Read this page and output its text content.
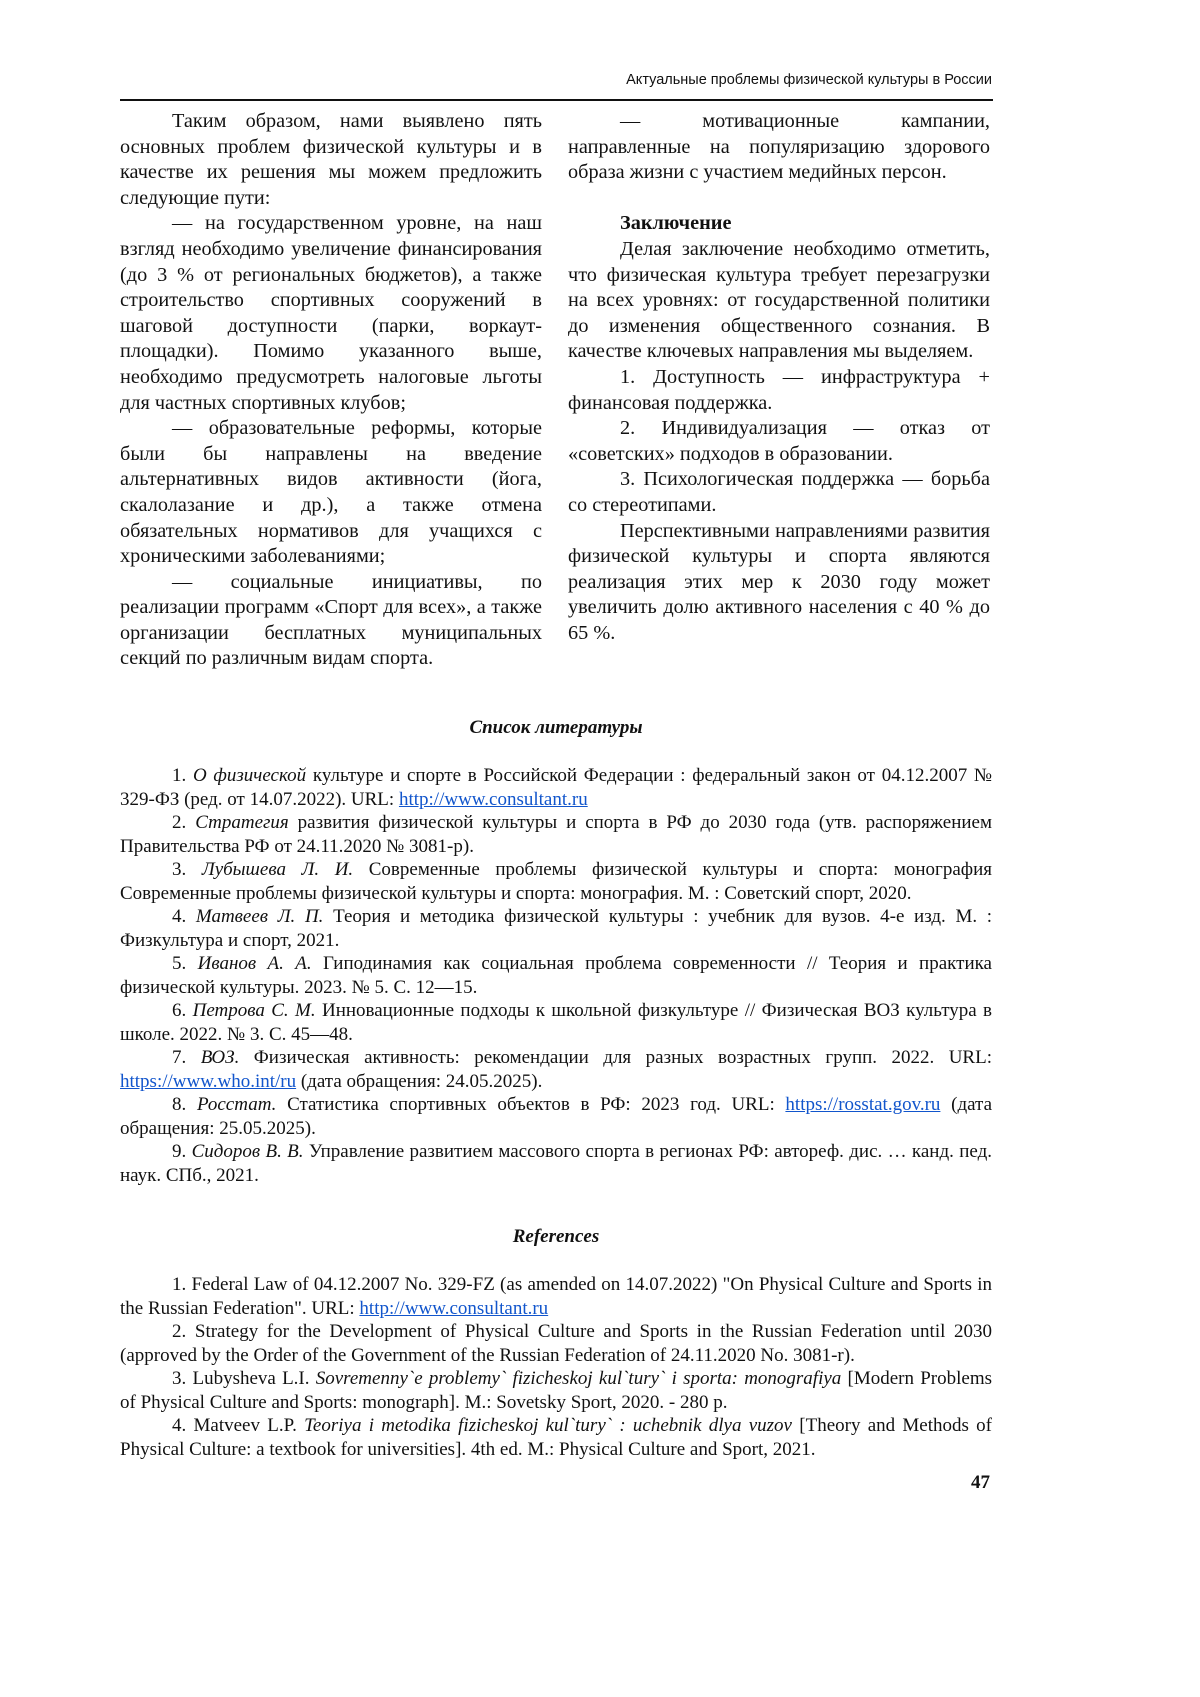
Актуальные проблемы физической культуры в России

Таким образом, нами выявлено пять основных проблем физической культуры и в качестве их решения мы можем предложить следующие пути:

— на государственном уровне, на наш взгляд необходимо увеличение финансирования (до 3 % от региональных бюджетов), а также строительство спортивных сооружений в шаговой доступности (парки, воркаут-площадки). Помимо указанного выше, необходимо предусмотреть налоговые льготы для частных спортивных клубов;

— образовательные реформы, которые были бы направлены на введение альтернативных видов активности (йога, скалолазание и др.), а также отмена обязательных нормативов для учащихся с хроническими заболеваниями;

— социальные инициативы, по реализации программ «Спорт для всех», а также организации бесплатных муниципальных секций по различным видам спорта.

— мотивационные кампании, направленные на популяризацию здорового образа жизни с участием медийных персон.

Заключение

Делая заключение необходимо отметить, что физическая культура требует перезагрузки на всех уровнях: от государственной политики до изменения общественного сознания. В качестве ключевых направления мы выделяем.

1. Доступность — инфраструктура + финансовая поддержка.

2. Индивидуализация — отказ от «советских» подходов в образовании.

3. Психологическая поддержка — борьба со стереотипами.

Перспективными направлениями развития физической культуры и спорта являются реализация этих мер к 2030 году может увеличить долю активного населения с 40 % до 65 %.

Список литературы

1. О физической культуре и спорте в Российской Федерации : федеральный закон от 04.12.2007 № 329-ФЗ (ред. от 14.07.2022). URL: http://www.consultant.ru

2. Стратегия развития физической культуры и спорта в РФ до 2030 года (утв. распоряжением Правительства РФ от 24.11.2020 № 3081-р).

3. Лубышева Л. И. Современные проблемы физической культуры и спорта: монография Современные проблемы физической культуры и спорта: монография. М. : Советский спорт, 2020.

4. Матвеев Л. П. Теория и методика физической культуры : учебник для вузов. 4-е изд. М. : Физкультура и спорт, 2021.

5. Иванов А. А. Гиподинамия как социальная проблема современности // Теория и практика физической культуры. 2023. № 5. С. 12—15.

6. Петрова С. М. Инновационные подходы к школьной физкультуре // Физическая ВОЗ культура в школе. 2022. № 3. С. 45—48.

7. ВОЗ. Физическая активность: рекомендации для разных возрастных групп. 2022. URL: https://www.who.int/ru (дата обращения: 24.05.2025).

8. Росстат. Статистика спортивных объектов в РФ: 2023 год. URL: https://rosstat.gov.ru (дата обращения: 25.05.2025).

9. Сидоров В. В. Управление развитием массового спорта в регионах РФ: автореф. дис. … канд. пед. наук. СПб., 2021.

References

1. Federal Law of 04.12.2007 No. 329-FZ (as amended on 14.07.2022) "On Physical Culture and Sports in the Russian Federation". URL: http://www.consultant.ru

2. Strategy for the Development of Physical Culture and Sports in the Russian Federation until 2030 (approved by the Order of the Government of the Russian Federation of 24.11.2020 No. 3081-r).

3. Lubysheva L.I. Sovremenny`e problemy` fizicheskoj kul`tury` i sporta: monografiya [Modern Problems of Physical Culture and Sports: monograph]. M.: Sovetsky Sport, 2020. - 280 p.

4. Matveev L.P. Teoriya i metodika fizicheskoj kul`tury` : uchebnik dlya vuzov [Theory and Methods of Physical Culture: a textbook for universities]. 4th ed. M.: Physical Culture and Sport, 2021.

47
